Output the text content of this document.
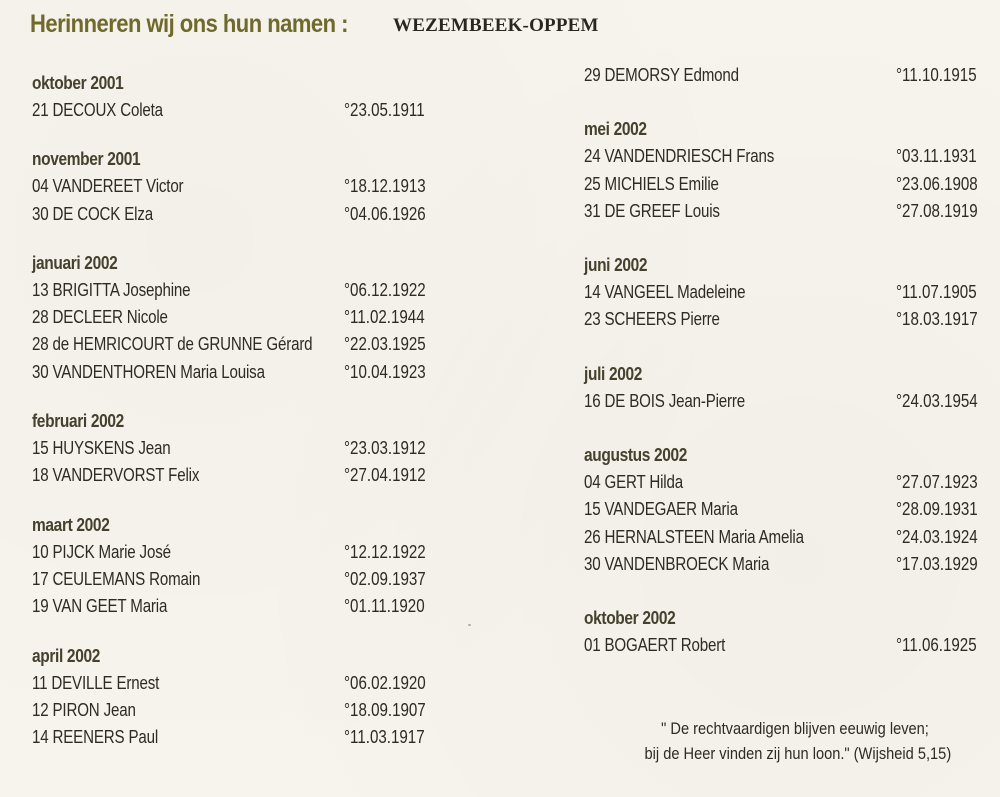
Herinneren wij ons hun namen : WEZEMBEEK-OPPEM
oktober 2001
21 DECOUX Coleta	°23.05.1911
november 2001
04 VANDEREET Victor	°18.12.1913
30 DE COCK Elza	°04.06.1926
januari 2002
13 BRIGITTA Josephine	°06.12.1922
28 DECLEER Nicole	°11.02.1944
28 de HEMRICOURT de GRUNNE Gérard °22.03.1925
30 VANDENTHOREN Maria Louisa	°10.04.1923
februari 2002
15 HUYSKENS Jean	°23.03.1912
18 VANDERVORST Felix	°27.04.1912
maart 2002
10 PIJCK Marie José	°12.12.1922
17 CEULEMANS Romain	°02.09.1937
19 VAN GEET Maria	°01.11.1920
april 2002
11 DEVILLE Ernest	°06.02.1920
12 PIRON Jean	°18.09.1907
14 REENERS Paul	°11.03.1917
29 DEMORSY Edmond	°11.10.1915
mei 2002
24 VANDENDRIESCH Frans	°03.11.1931
25 MICHIELS Emilie	°23.06.1908
31 DE GREEF Louis	°27.08.1919
juni 2002
14 VANGEEL Madeleine	°11.07.1905
23 SCHEERS Pierre	°18.03.1917
juli 2002
16 DE BOIS Jean-Pierre	°24.03.1954
augustus 2002
04 GERT Hilda	°27.07.1923
15 VANDEGAER Maria	°28.09.1931
26 HERNALSTEEN Maria Amelia	°24.03.1924
30 VANDENBROECK Maria	°17.03.1929
oktober 2002
01 BOGAERT Robert	°11.06.1925
" De rechtvaardigen blijven eeuwig leven;
bij de Heer vinden zij hun loon." (Wijsheid 5,15)
